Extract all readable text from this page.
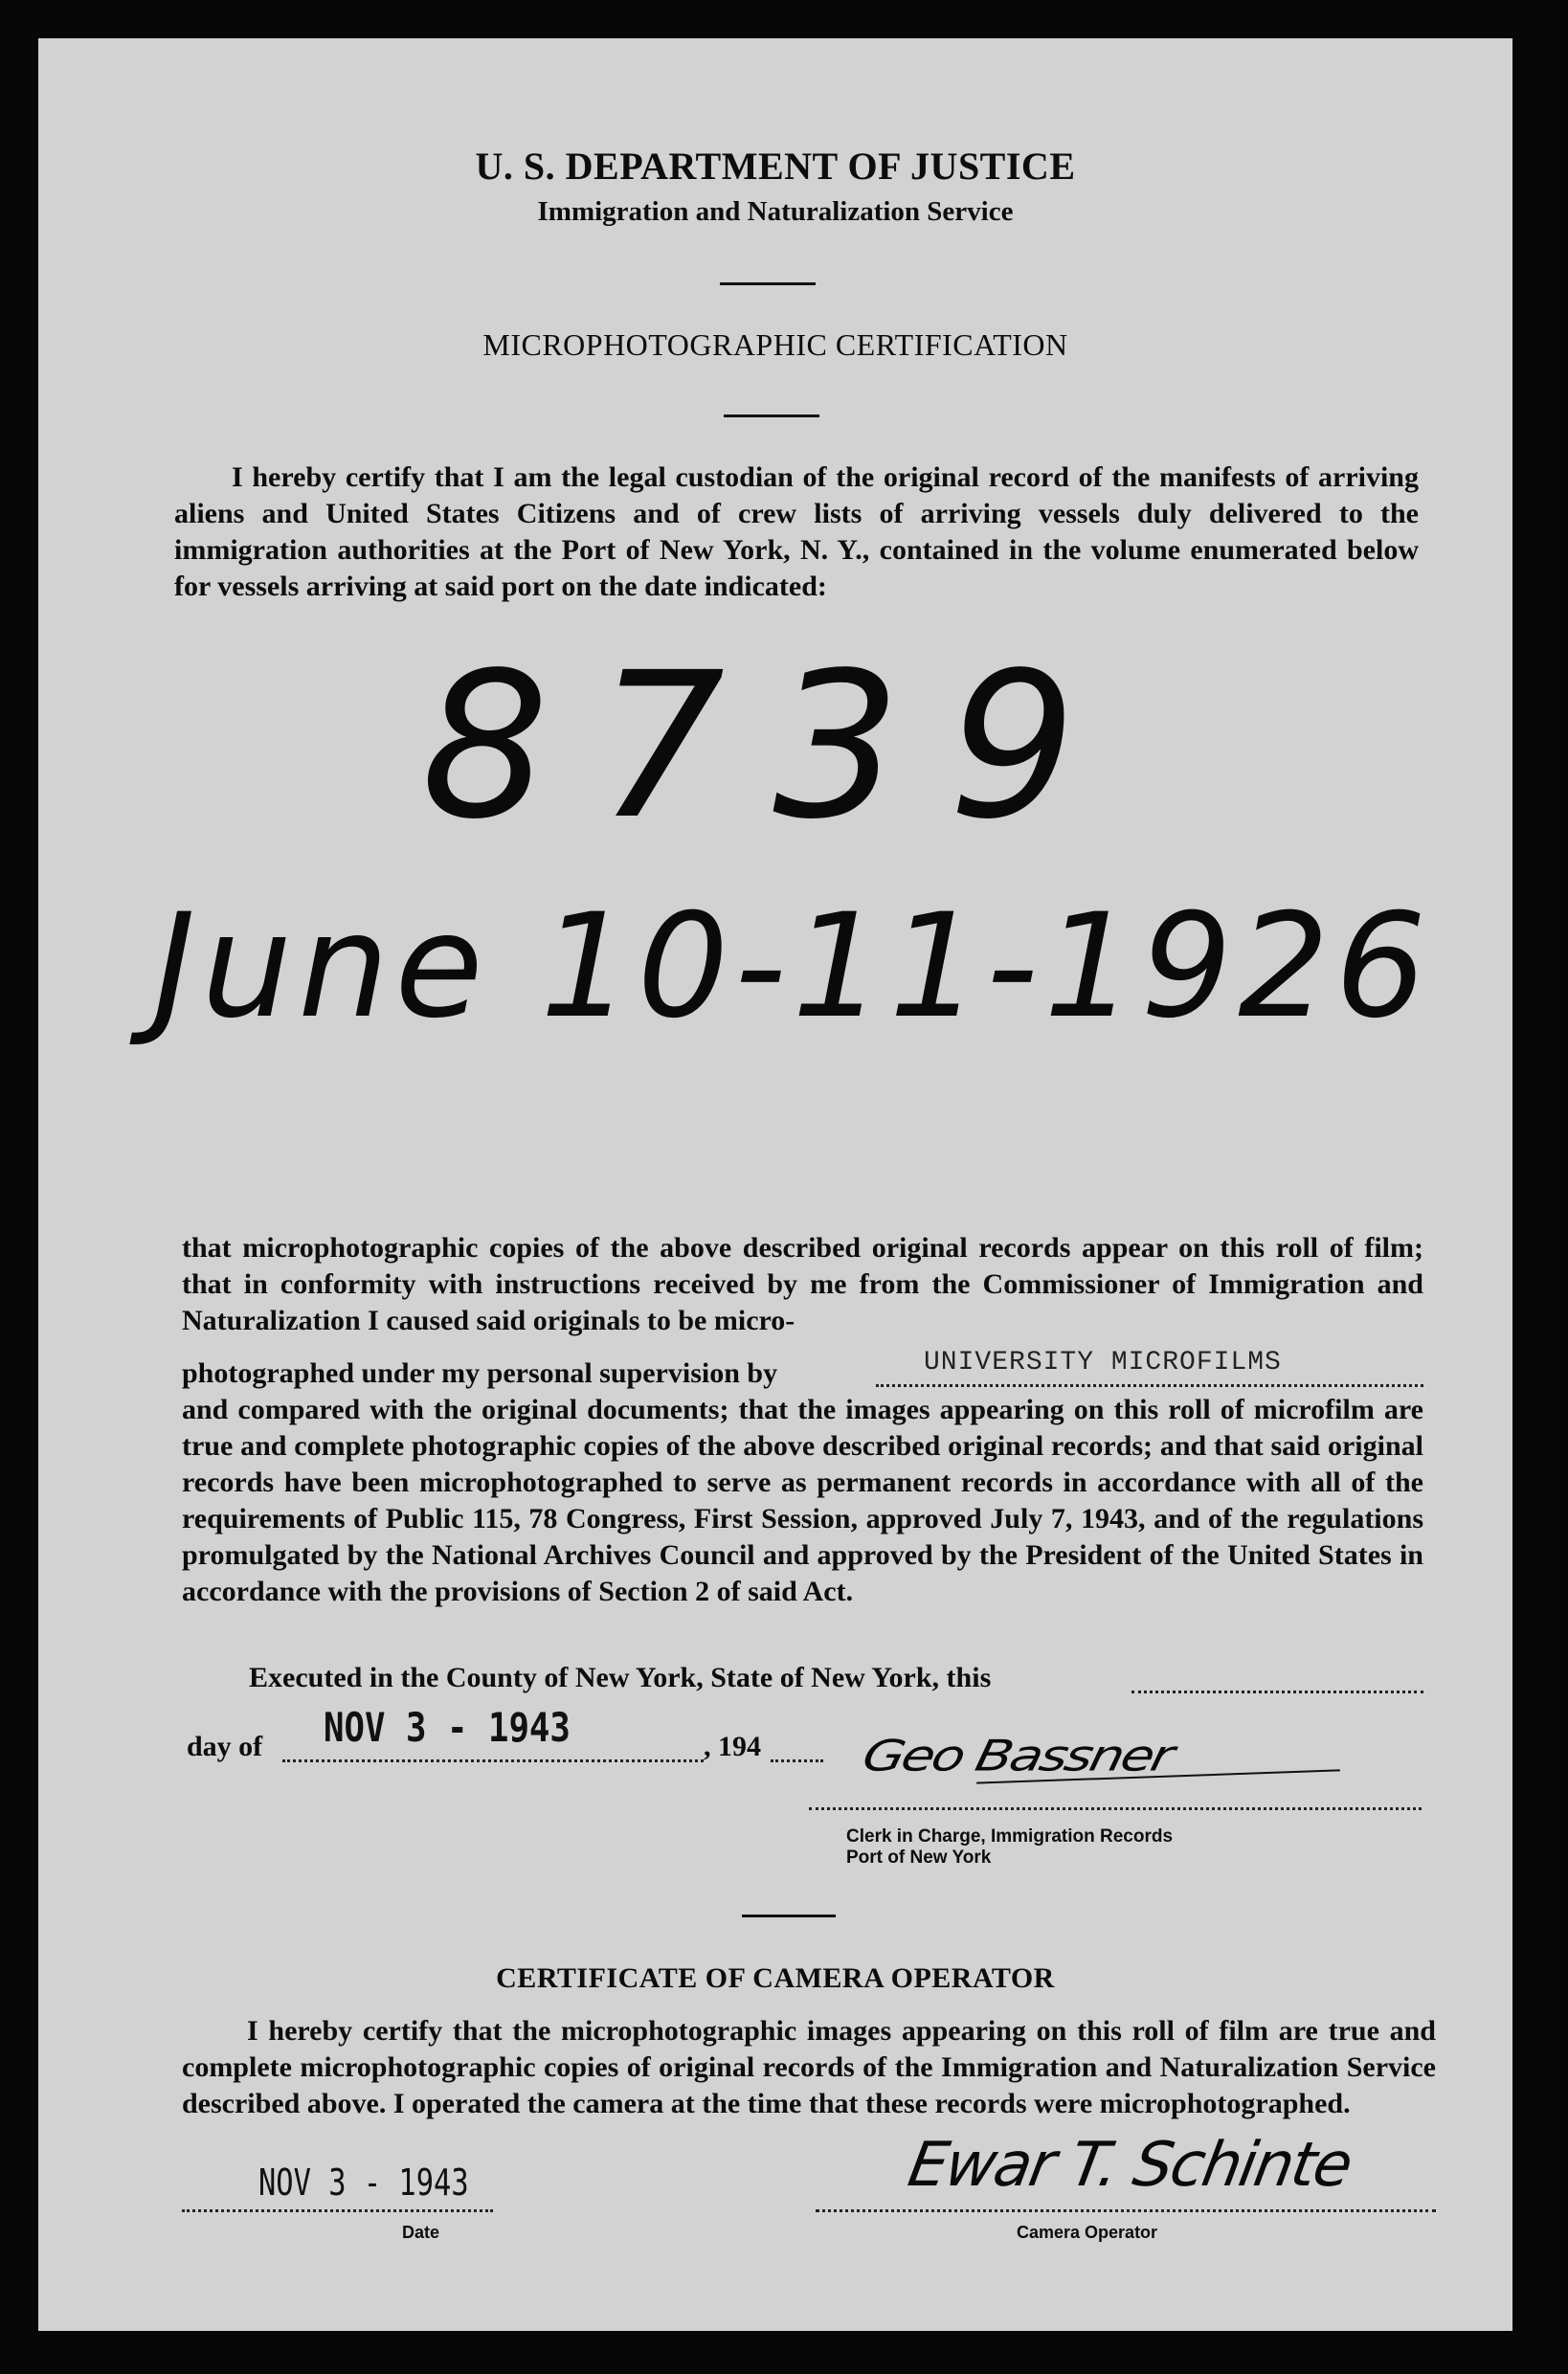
U. S. DEPARTMENT OF JUSTICE
Immigration and Naturalization Service
MICROPHOTOGRAPHIC CERTIFICATION

I hereby certify that I am the legal custodian of the original record of the manifests of arriving aliens and United States Citizens and of crew lists of arriving vessels duly delivered to the immigration authorities at the Port of New York, N. Y., contained in the volume enumerated below for vessels arriving at said port on the date indicated:

8739
June 10-11-1926

that microphotographic copies of the above described original records appear on this roll of film; that in conformity with instructions received by me from the Commissioner of Immigration and Naturalization I caused said originals to be micro-

photographed under my personal supervision by	UNIVERSITY MICROFILMS

and compared with the original documents; that the images appearing on this roll of microfilm are true and complete photographic copies of the above described original records; and that said original records have been microphotographed to serve as permanent records in accordance with all of the requirements of Public 115, 78 Congress, First Session, approved July 7, 1943, and of the regulations promulgated by the National Archives Council and approved by the President of the United States in accordance with the provisions of Section 2 of said Act.

Executed in the County of New York, State of New York, this
day of NOV 3 - 1943	, 194 Geo Bassner
Clerk in Charge, Immigration Records
Port of New York
CERTIFICATE OF CAMERA OPERATOR

I hereby certify that the microphotographic images appearing on this roll of film are true and complete microphotographic copies of original records of the Immigration and Naturalization Service described above. I operated the camera at the time that these records were microphotographed.

NOV 3 - 1943
Date
Ewar T. Schinte
Camera Operator
